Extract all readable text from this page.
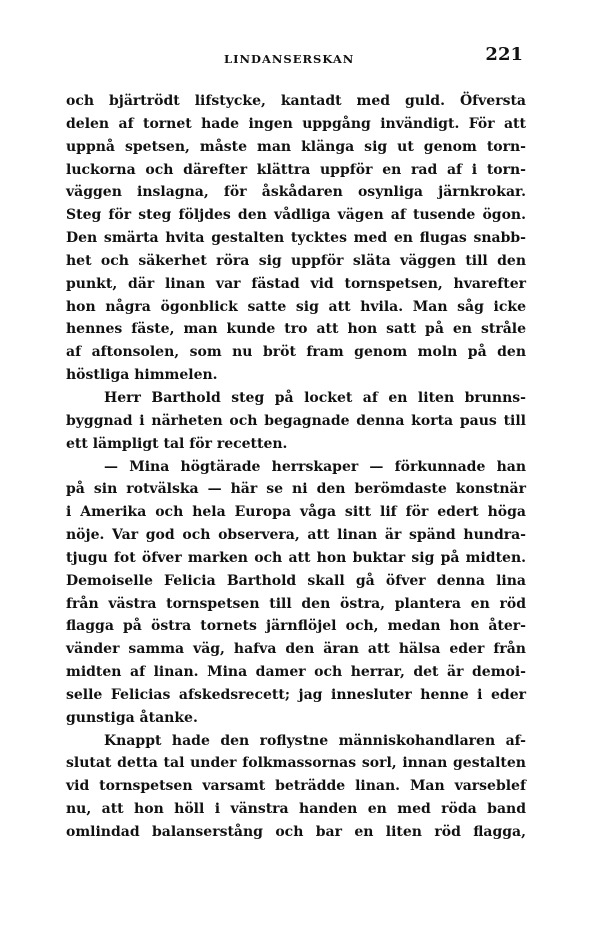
LINDANSERSKAN	221
och bjärtrödt lifstycke, kantadt med guld. Öfversta
delen af tornet hade ingen uppgång invändigt. För att
uppnå spetsen, måste man klänga sig ut genom torn-
luckorna och därefter klättra uppför en rad af i torn-
väggen inslagna, för åskådaren osynliga järnkrokar.
Steg för steg följdes den vådliga vägen af tusende ögon.
Den smärta hvita gestalten tycktes med en flugas snabb-
het och säkerhet röra sig uppför släta väggen till den
punkt, där linan var fästad vid tornspetsen, hvarefter
hon några ögonblick satte sig att hvila. Man såg icke
hennes fäste, man kunde tro att hon satt på en stråle
af aftonsolen, som nu bröt fram genom moln på den
höstliga himmelen.
Herr Barthold steg på locket af en liten brunns-
byggnad i närheten och begagnade denna korta paus till
ett lämpligt tal för recetten.
— Mina högtärade herrskaper — förkunnade han
på sin rotvälska — här se ni den berömdaste konstnär
i Amerika och hela Europa våga sitt lif för edert höga
nöje. Var god och observera, att linan är spänd hundra-
tjugu fot öfver marken och att hon buktar sig på midten.
Demoiselle Felicia Barthold skall gå öfver denna lina
från västra tornspetsen till den östra, plantera en röd
flagga på östra tornets järnflöjel och, medan hon åter-
vänder samma väg, hafva den äran att hälsa eder från
midten af linan. Mina damer och herrar, det är demoi-
selle Felicias afskedsrecett; jag innesluter henne i eder
gunstiga åtanke.
Knappt hade den roflystne människohandlaren af-
slutat detta tal under folkmassornas sorl, innan gestalten
vid tornspetsen varsamt beträdde linan. Man varseblef
nu, att hon höll i vänstra handen en med röda band
omlindad balanserstång och bar en liten röd flagga,
